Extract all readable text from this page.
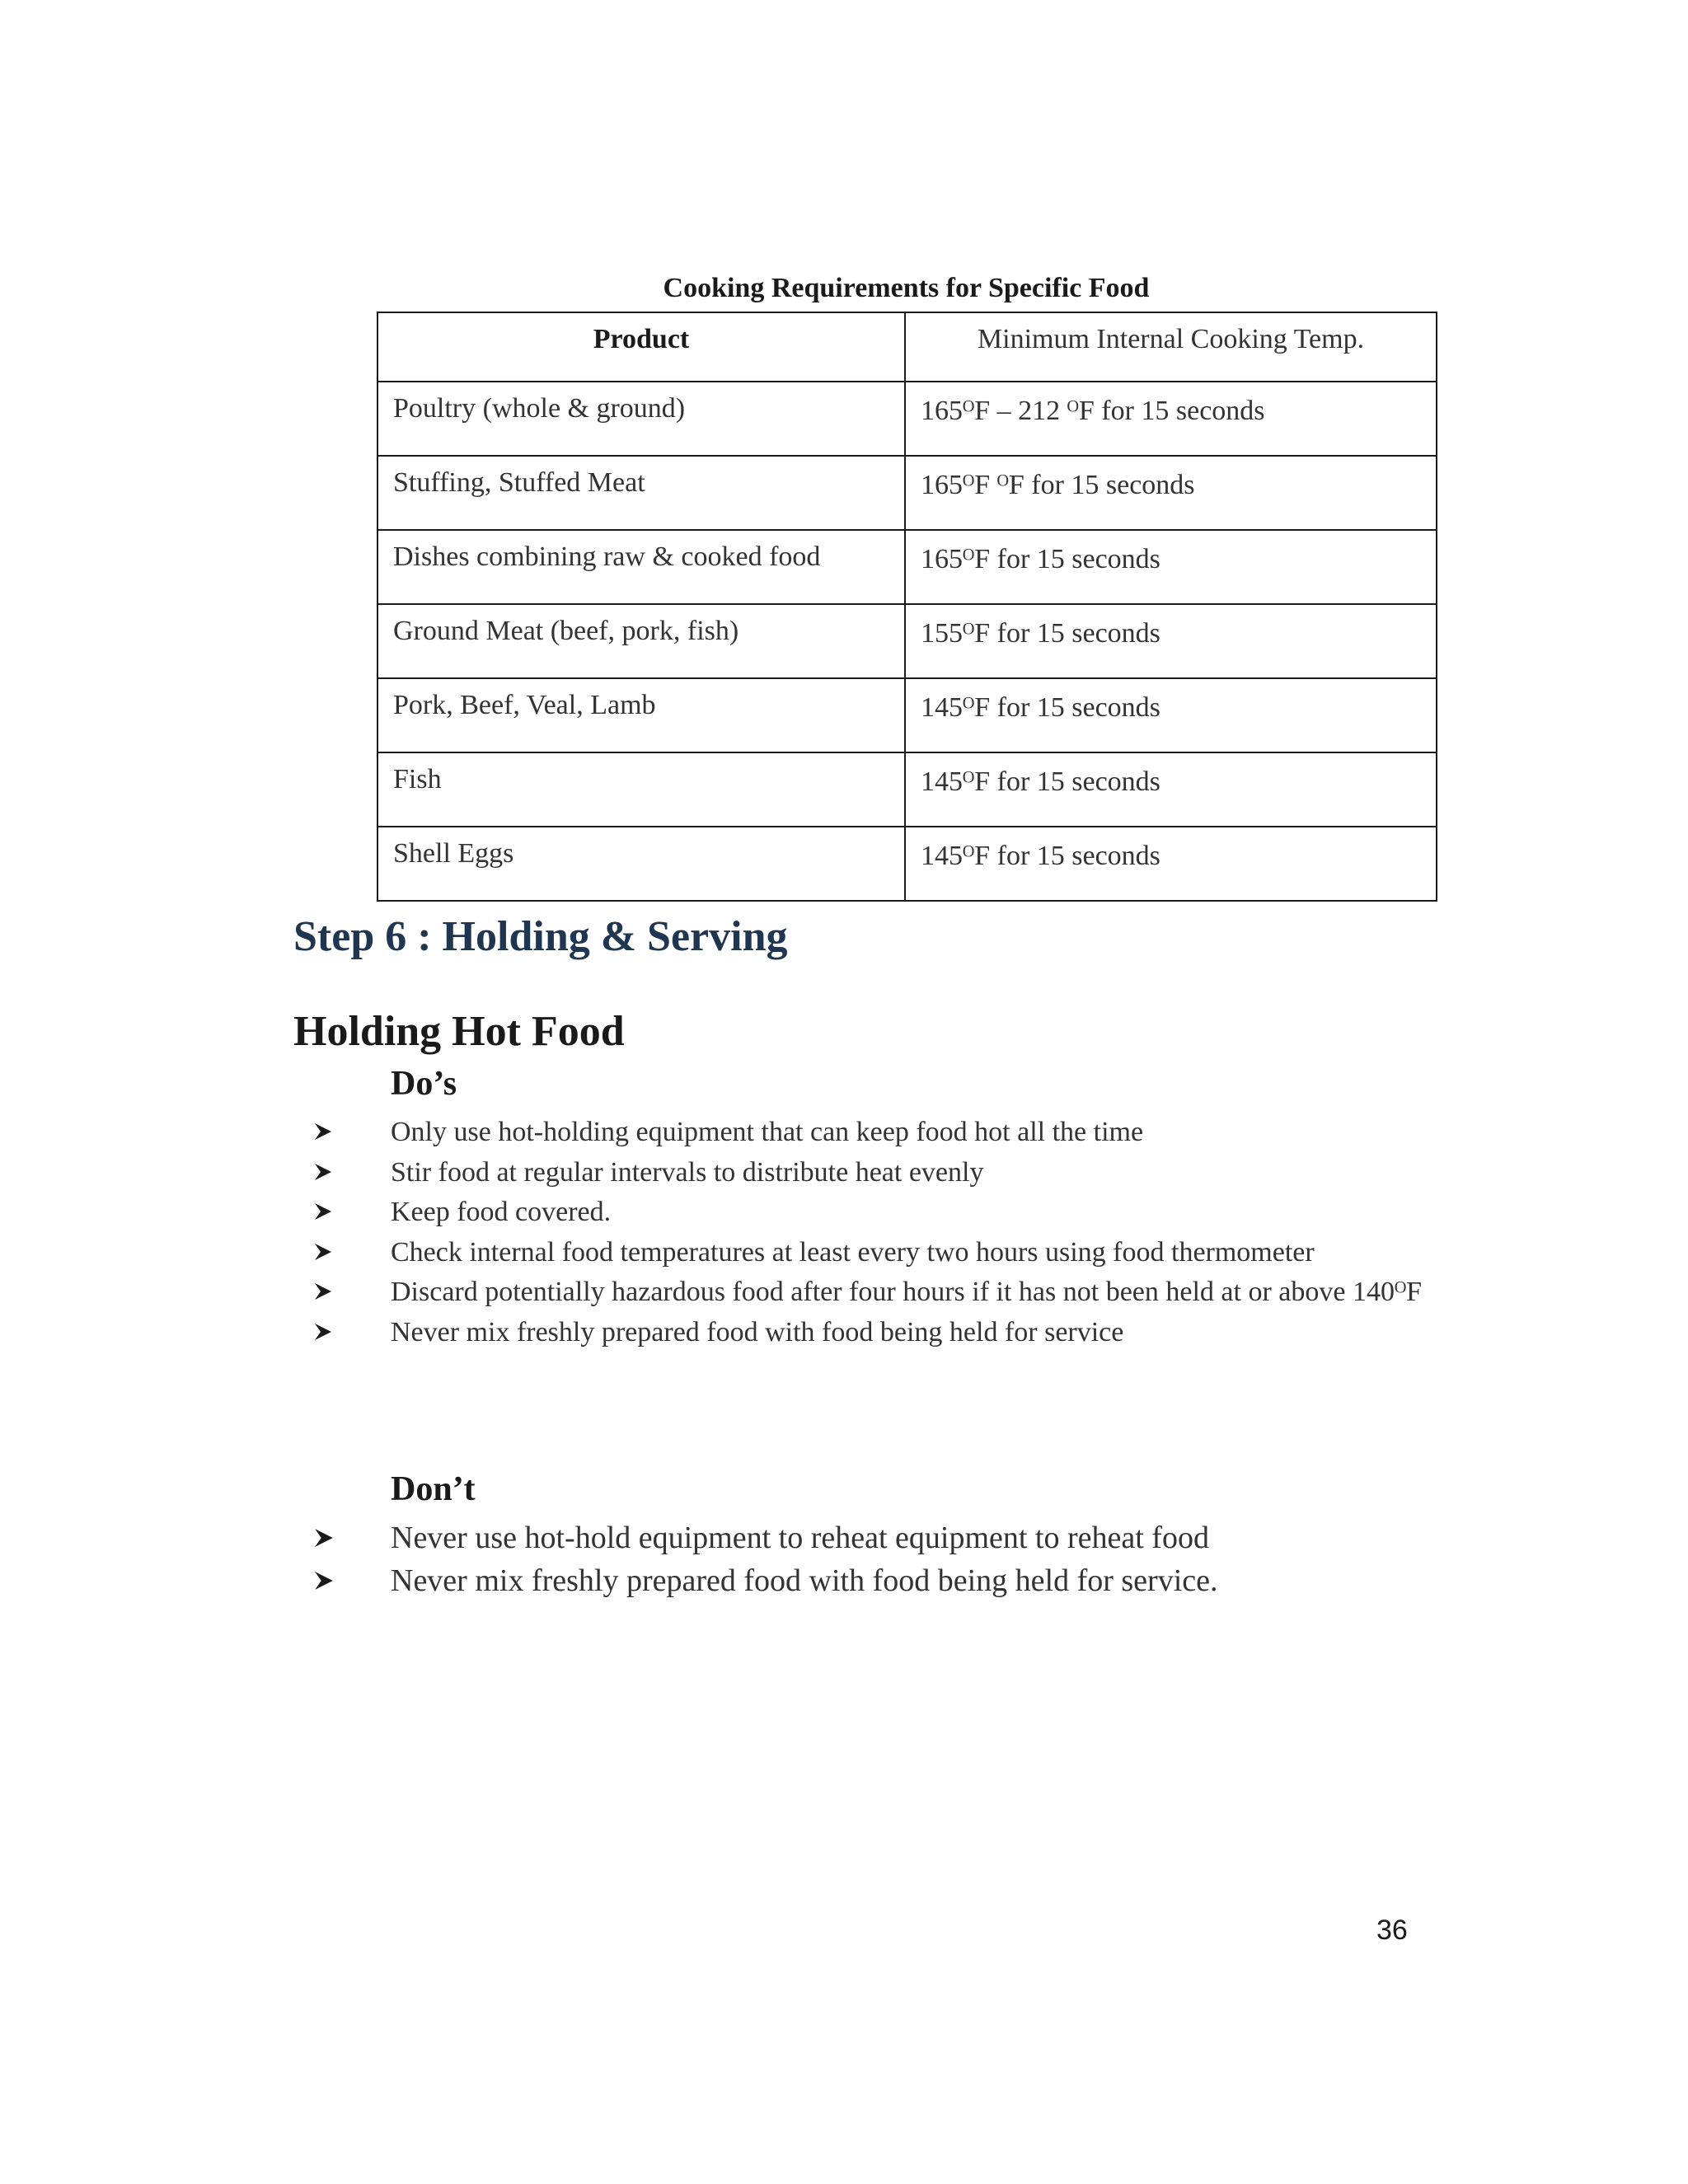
Cooking Requirements for Specific Food
Product	Minimum Internal Cooking Temp.
Poultry (whole & ground)	165ᴼF – 212 ᴼF for 15 seconds
Stuffing, Stuffed Meat	165ᴼF ᴼF for 15 seconds
Dishes combining raw & cooked food	165ᴼF for 15 seconds
Ground Meat (beef, pork, fish)	155ᴼF for 15 seconds
Pork, Beef, Veal, Lamb	145ᴼF for 15 seconds
Fish	145ᴼF for 15 seconds
Shell Eggs	145ᴼF for 15 seconds
Step 6 : Holding & Serving
Holding Hot Food
Do’s
Only use hot-holding equipment that can keep food hot all the time
Stir food at regular intervals to distribute heat evenly
Keep food covered.
Check internal food temperatures at least every two hours using food thermometer
Discard potentially hazardous food after four hours if it has not been held at or above 140ᴼF
Never mix freshly prepared food with food being held for service
Don’t
Never use hot-hold equipment to reheat equipment to reheat food
Never mix freshly prepared food with food being held for service.
36
